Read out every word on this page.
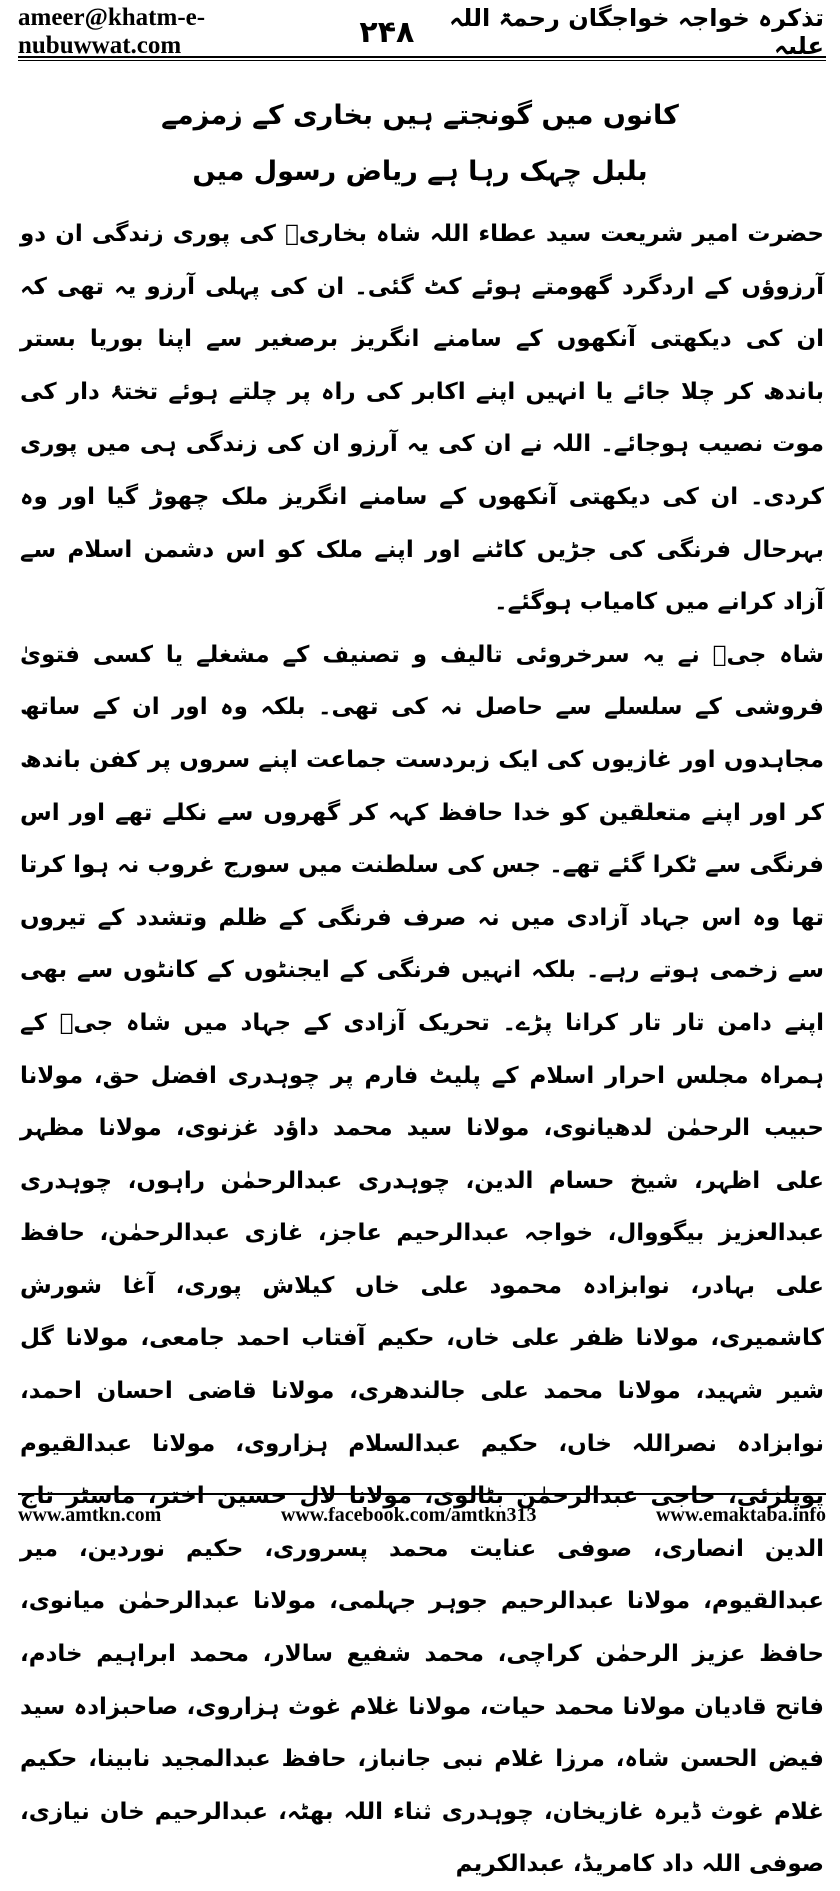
ameer@khatm-e-nubuwwat.com	۲۴۸	تذکرہ خواجہ خواجگان رحمۃ اللہ علیہ
کانوں میں گونجتے ہیں بخاری کے زمزمے
بلبل چہک رہا ہے ریاض رسول میں

حضرت امیر شریعت سید عطاء اللہ شاہ بخاریؒ کی پوری زندگی ان دو آرزوؤں کے اردگرد گھومتے ہوئے کٹ گئی۔ ان کی پہلی آرزو یہ تھی کہ ان کی دیکھتی آنکھوں کے سامنے انگریز برصغیر سے اپنا بوریا بستر باندھ کر چلا جائے یا انہیں اپنے اکابر کی راہ پر چلتے ہوئے تختۂ دار کی موت نصیب ہوجائے۔ اللہ نے ان کی یہ آرزو ان کی زندگی ہی میں پوری کردی۔ ان کی دیکھتی آنکھوں کے سامنے انگریز ملک چھوڑ گیا اور وہ بہرحال فرنگی کی جڑیں کاٹنے اور اپنے ملک کو اس دشمن اسلام سے آزاد کرانے میں کامیاب ہوگئے۔

شاہ جیؒ نے یہ سرخروئی تالیف و تصنیف کے مشغلے یا کسی فتویٰ فروشی کے سلسلے سے حاصل نہ کی تھی۔ بلکہ وہ اور ان کے ساتھ مجاہدوں اور غازیوں کی ایک زبردست جماعت اپنے سروں پر کفن باندھ کر اور اپنے متعلقین کو خدا حافظ کہہ کر گھروں سے نکلے تھے اور اس فرنگی سے ٹکرا گئے تھے۔ جس کی سلطنت میں سورج غروب نہ ہوا کرتا تھا وہ اس جہاد آزادی میں نہ صرف فرنگی کے ظلم وتشدد کے تیروں سے زخمی ہوتے رہے۔ بلکہ انہیں فرنگی کے ایجنٹوں کے کانٹوں سے بھی اپنے دامن تار تار کرانا پڑے۔ تحریک آزادی کے جہاد میں شاہ جیؒ کے ہمراہ مجلس احرار اسلام کے پلیٹ فارم پر چوہدری افضل حق، مولانا حبیب الرحمٰن لدھیانوی، مولانا سید محمد داؤد غزنوی، مولانا مظہر علی اظہر، شیخ حسام الدین، چوہدری عبدالرحمٰن راہوں، چوہدری عبدالعزیز بیگووال، خواجہ عبدالرحیم عاجز، غازی عبدالرحمٰن، حافظ علی بہادر، نوابزادہ محمود علی خاں کیلاش پوری، آغا شورش کاشمیری، مولانا ظفر علی خاں، حکیم آفتاب احمد جامعی، مولانا گل شیر شہید، مولانا محمد علی جالندھری، مولانا قاضی احسان احمد، نوابزادہ نصراللہ خاں، حکیم عبدالسلام ہزاروی، مولانا عبدالقیوم پوپلزئی، حاجی عبدالرحمٰن بٹالوی، مولانا لال حسین اختر، ماسٹر تاج الدین انصاری، صوفی عنایت محمد پسروری، حکیم نوردین، میر عبدالقیوم، مولانا عبدالرحیم جوہر جہلمی، مولانا عبدالرحمٰن میانوی، حافظ عزیز الرحمٰن کراچی، محمد شفیع سالار، محمد ابراہیم خادم، فاتح قادیان مولانا محمد حیات، مولانا غلام غوث ہزاروی، صاحبزادہ سید فیض الحسن شاہ، مرزا غلام نبی جانباز، حافظ عبدالمجید نابینا، حکیم غلام غوث ڈیرہ غازیخان، چوہدری ثناء اللہ بھٹہ، عبدالرحیم خان نیازی، صوفی اللہ داد کامریڈ، عبدالکریم

www.amtkn.com	www.facebook.com/amtkn313	www.emaktaba.info
